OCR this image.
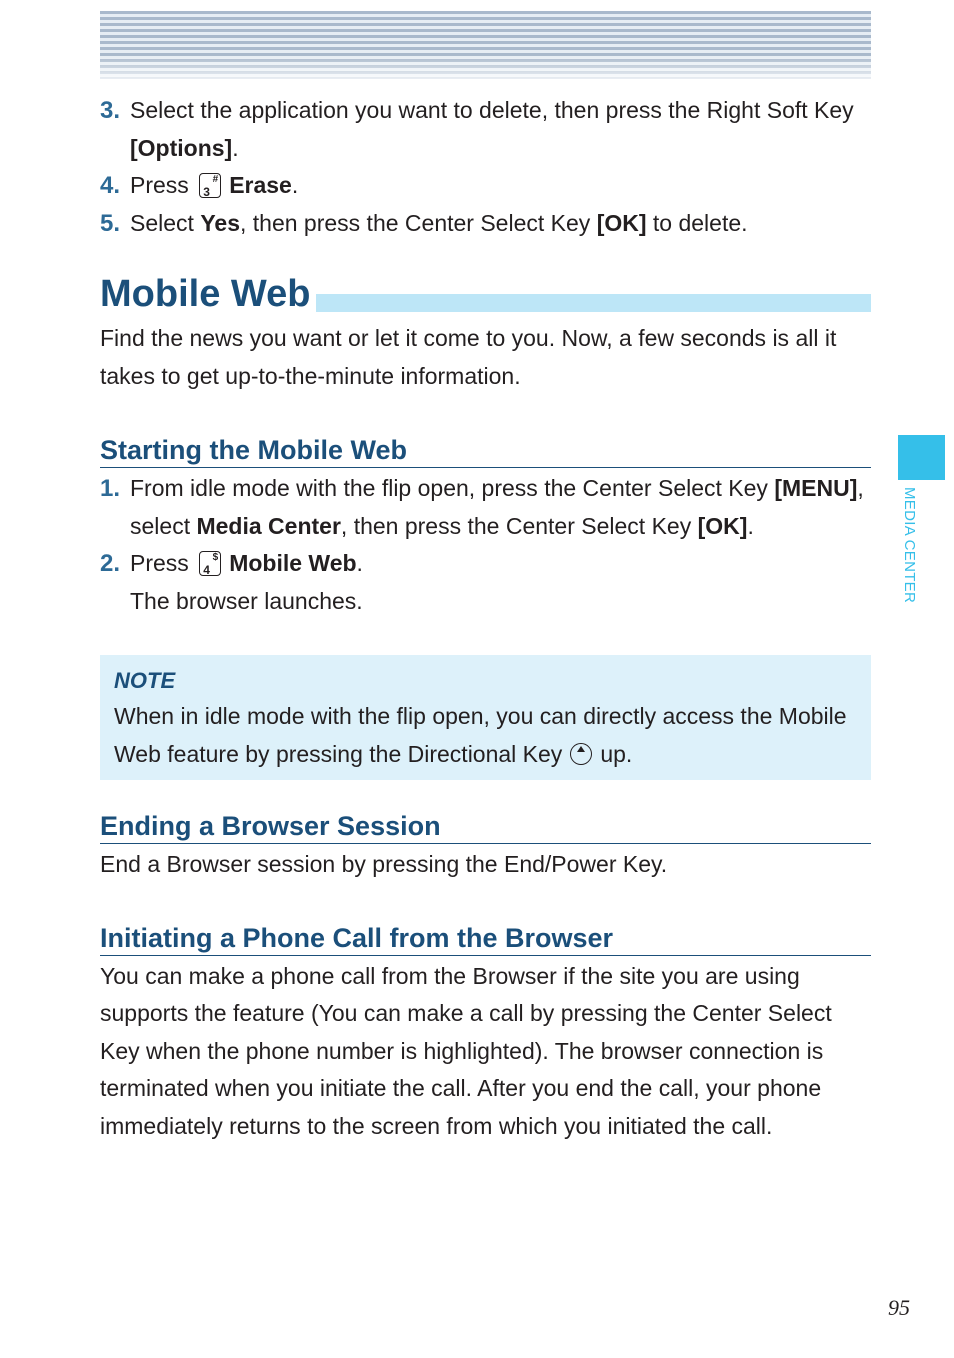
3. Select the application you want to delete, then press the Right Soft Key [Options].
4. Press 3
# Erase.
5. Select Yes, then press the Center Select Key [OK] to delete.
Mobile Web

Find the news you want or let it come to you. Now, a few seconds is all it takes to get up-to-the-minute information.

Starting the Mobile Web
1. From idle mode with the flip open, press the Center Select Key [MENU], select Media Center, then press the Center Select Key [OK].
2. Press 4
$ Mobile Web.
The browser launches.
NOTE
When in idle mode with the flip open, you can directly access the Mobile Web feature by pressing the Directional Key up.
Ending a Browser Session

End a Browser session by pressing the End/Power Key.

Initiating a Phone Call from the Browser

You can make a phone call from the Browser if the site you are using supports the feature (You can make a call by pressing the Center Select Key when the phone number is highlighted). The browser connection is terminated when you initiate the call. After you end the call, your phone immediately returns to the screen from which you initiated the call.

MEDIA CENTER
95
